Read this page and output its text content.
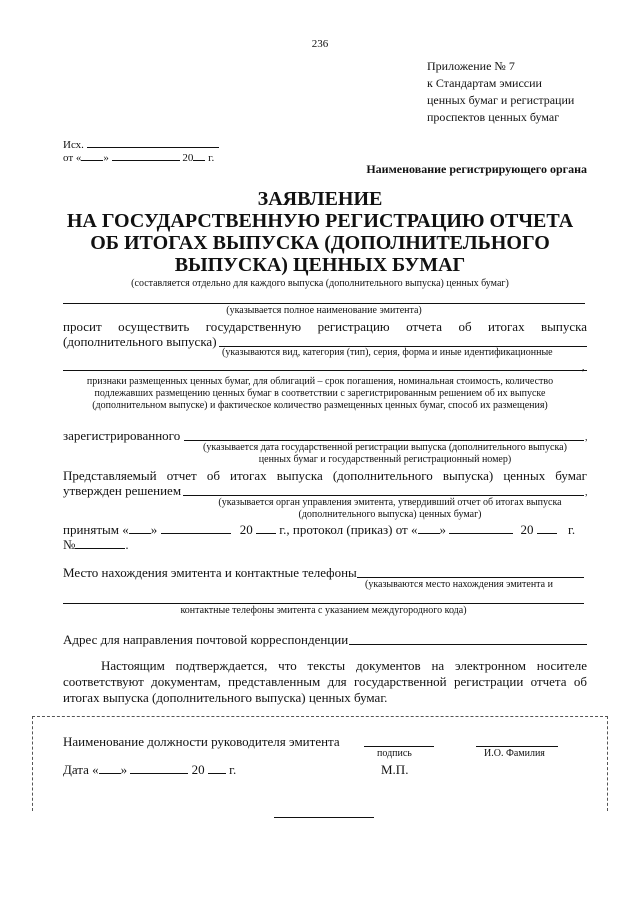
236
Приложение № 7
к Стандартам эмиссии
ценных бумаг и регистрации
проспектов ценных бумаг
Исх.
от « »	20 г.
Наименование регистрирующего органа
ЗАЯВЛЕНИЕ
НА ГОСУДАРСТВЕННУЮ РЕГИСТРАЦИЮ ОТЧЕТА
ОБ ИТОГАХ ВЫПУСКА (ДОПОЛНИТЕЛЬНОГО
ВЫПУСКА) ЦЕННЫХ БУМАГ
(составляется отдельно для каждого выпуска (дополнительного выпуска) ценных бумаг)
(указывается полное наименование эмитента)
просит осуществить государственную регистрацию отчета об итогах выпуска
(дополнительного выпуска)
(указываются вид, категория (тип), серия, форма и иные идентификационные
,
признаки размещенных ценных бумаг, для облигаций – срок погашения, номинальная стоимость, количество
подлежавших размещению ценных бумаг в соответствии с зарегистрированным решением об их выпуске
(дополнительном выпуске) и фактическое количество размещенных ценных бумаг, способ их размещения)
зарегистрированного	,
(указывается дата государственной регистрации выпуска (дополнительного выпуска)
ценных бумаг и государственный регистрационный номер)
Представляемый отчет об итогах выпуска (дополнительного выпуска) ценных бумаг
утвержден решением	,
(указывается орган управления эмитента, утвердивший отчет об итогах выпуска
(дополнительного выпуска) ценных бумаг)
принятым « »	20 г., протокол (приказ) от « »	20	г.
№	.
Место нахождения эмитента и контактные телефоны
(указываются место нахождения эмитента и
контактные телефоны эмитента с указанием междугородного кода)
Адрес для направления почтовой корреспонденции
Настоящим подтверждается, что тексты документов на электронном носителе
соответствуют документам, представленным для государственной регистрации отчета об
итогах выпуска (дополнительного выпуска) ценных бумаг.
Наименование должности руководителя эмитента
подпись	И.О. Фамилия
Дата « »	20 г.	М.П.
